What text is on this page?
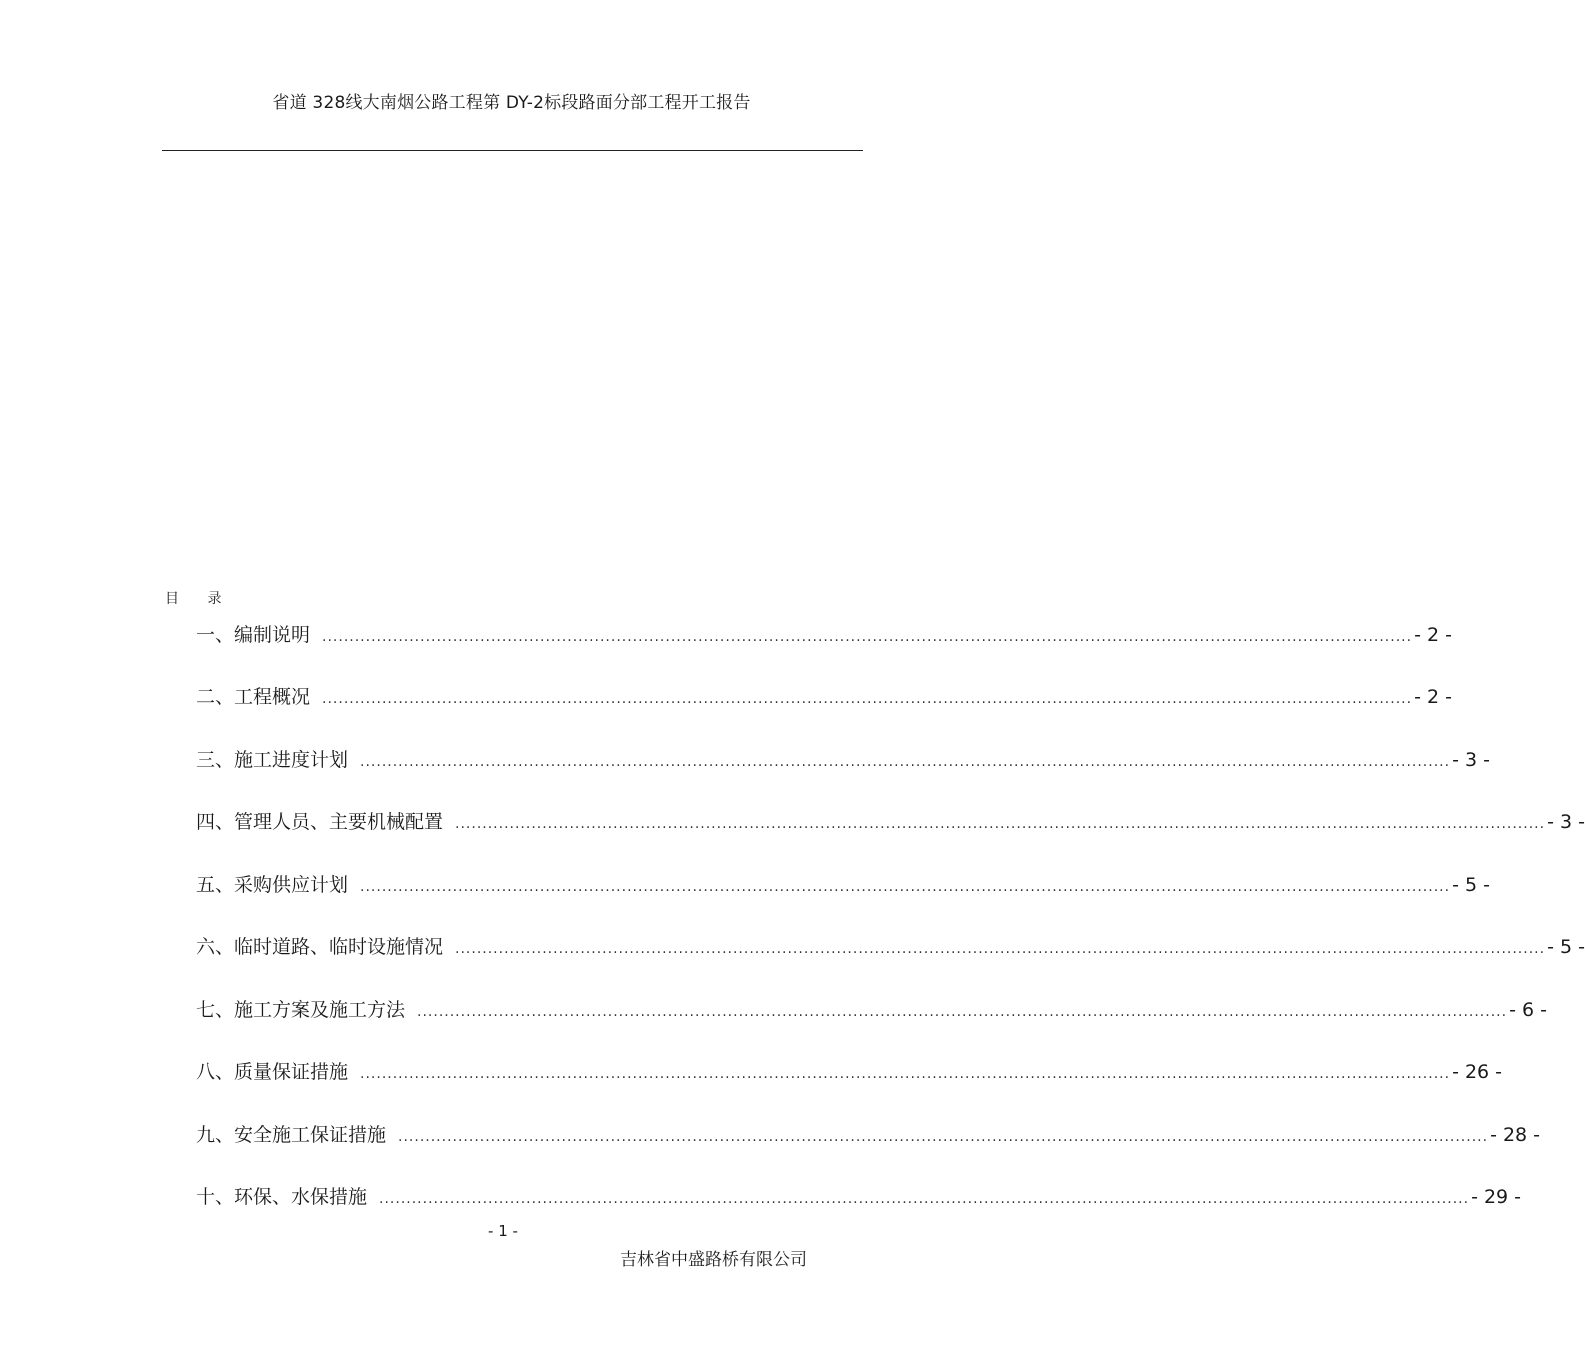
省道 328线大南烟公路工程第 DY-2标段路面分部工程开工报告
目 录
一、编制说明 ........................................................................................................................................................................................................ - 2 -
二、工程概况 ........................................................................................................................................................................................................ - 2 -
三、施工进度计划 ........................................................................................................................................................................................................ - 3 -
四、管理人员、主要机械配置 ........................................................................................................................................................................................................ - 3 -
五、采购供应计划 ........................................................................................................................................................................................................ - 5 -
六、临时道路、临时设施情况 ........................................................................................................................................................................................................ - 5 -
七、施工方案及施工方法 ........................................................................................................................................................................................................ - 6 -
八、质量保证措施 ........................................................................................................................................................................................................ - 26 -
九、安全施工保证措施 ........................................................................................................................................................................................................ - 28 -
十、环保、水保措施 ........................................................................................................................................................................................................ - 29 -
- 1 -
吉林省中盛路桥有限公司
